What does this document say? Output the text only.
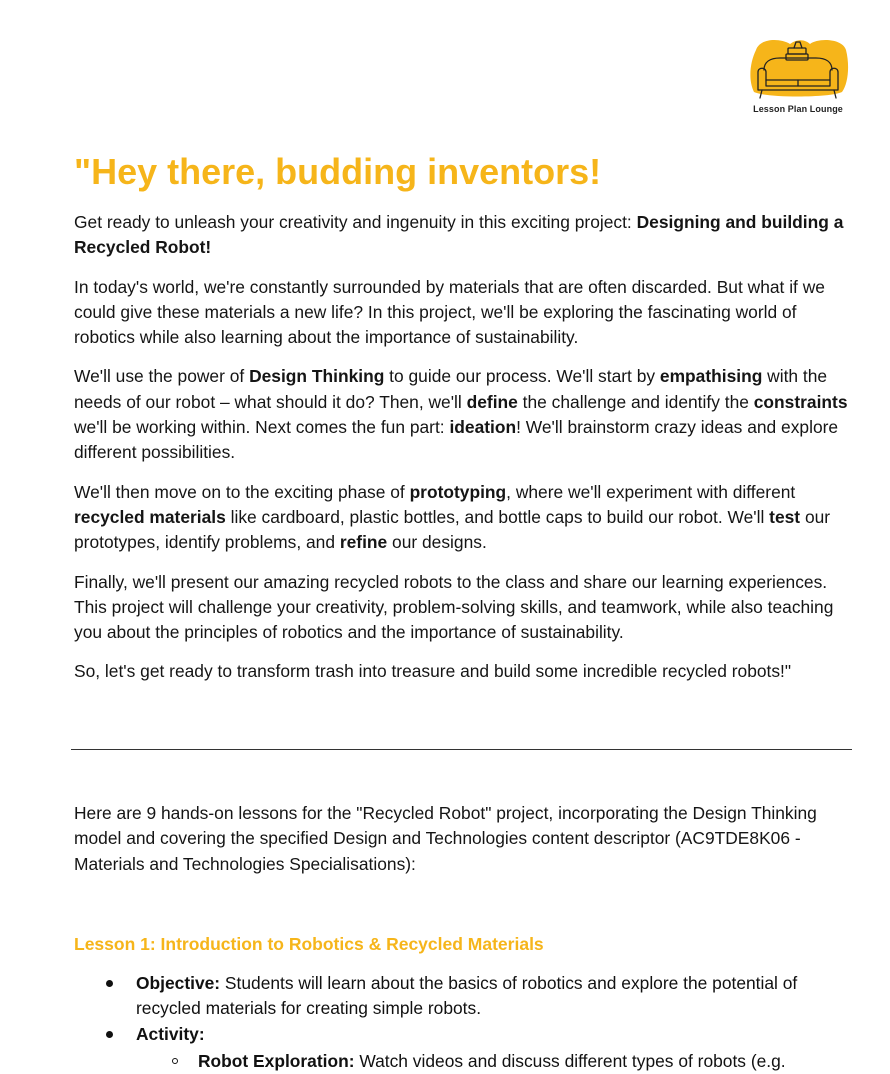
Lesson Plan Lounge
"Hey there, budding inventors!

Get ready to unleash your creativity and ingenuity in this exciting project: Designing and building a Recycled Robot!

In today's world, we're constantly surrounded by materials that are often discarded. But what if we could give these materials a new life? In this project, we'll be exploring the fascinating world of robotics while also learning about the importance of sustainability.

We'll use the power of Design Thinking to guide our process. We'll start by empathising with the needs of our robot – what should it do? Then, we'll define the challenge and identify the constraints we'll be working within. Next comes the fun part: ideation! We'll brainstorm crazy ideas and explore different possibilities.

We'll then move on to the exciting phase of prototyping, where we'll experiment with different recycled materials like cardboard, plastic bottles, and bottle caps to build our robot. We'll test our prototypes, identify problems, and refine our designs.

Finally, we'll present our amazing recycled robots to the class and share our learning experiences. This project will challenge your creativity, problem-solving skills, and teamwork, while also teaching you about the principles of robotics and the importance of sustainability.

So, let's get ready to transform trash into treasure and build some incredible recycled robots!"

Here are 9 hands-on lessons for the "Recycled Robot" project, incorporating the Design Thinking model and covering the specified Design and Technologies content descriptor (AC9TDE8K06 - Materials and Technologies Specialisations):

Lesson 1: Introduction to Robotics & Recycled Materials
Objective: Students will learn about the basics of robotics and explore the potential of recycled materials for creating simple robots.
Activity:
Robot Exploration: Watch videos and discuss different types of robots (e.g.
